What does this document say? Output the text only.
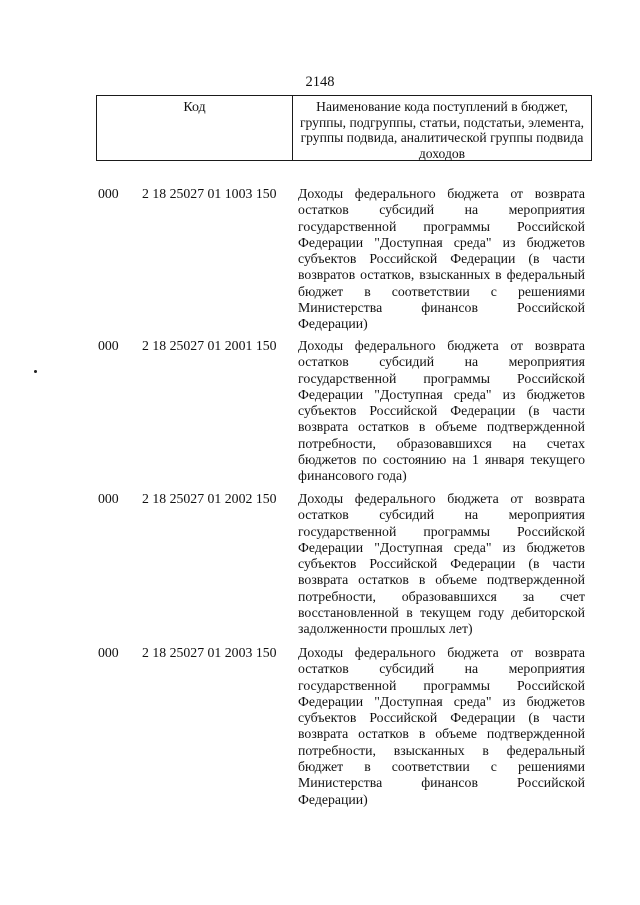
2148
Код	Наименование кода поступлений в бюджет, группы, подгруппы, статьи, подстатьи, элемента, группы подвида, аналитической группы подвида доходов
000 2 18 25027 01 1003 150 Доходы федерального бюджета от возврата остатков субсидий на мероприятия государственной программы Российской Федерации "Доступная среда" из бюджетов субъектов Российской Федерации (в части возвратов остатков, взысканных в федеральный бюджет в соответствии с решениями Министерства финансов Российской Федерации)
000 2 18 25027 01 2001 150 Доходы федерального бюджета от возврата остатков субсидий на мероприятия государственной программы Российской Федерации "Доступная среда" из бюджетов субъектов Российской Федерации (в части возврата остатков в объеме подтвержденной потребности, образовавшихся на счетах бюджетов по состоянию на 1 января текущего финансового года)
000 2 18 25027 01 2002 150 Доходы федерального бюджета от возврата остатков субсидий на мероприятия государственной программы Российской Федерации "Доступная среда" из бюджетов субъектов Российской Федерации (в части возврата остатков в объеме подтвержденной потребности, образовавшихся за счет восстановленной в текущем году дебиторской задолженности прошлых лет)
000 2 18 25027 01 2003 150 Доходы федерального бюджета от возврата остатков субсидий на мероприятия государственной программы Российской Федерации "Доступная среда" из бюджетов субъектов Российской Федерации (в части возврата остатков в объеме подтвержденной потребности, взысканных в федеральный бюджет в соответствии с решениями Министерства финансов Российской Федерации)
